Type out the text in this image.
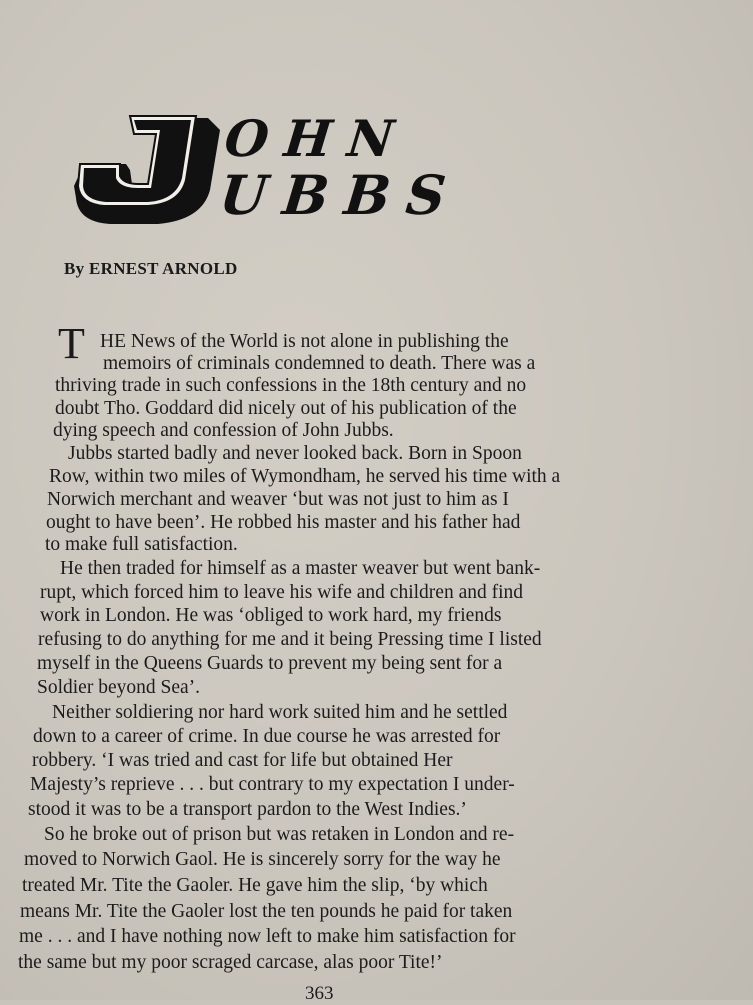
OHN
UBBS
By ERNEST ARNOLD
T HE News of the World is not alone in publishing the
memoirs of criminals condemned to death. There was a
thriving trade in such confessions in the 18th century and no
doubt Tho. Goddard did nicely out of his publication of the
dying speech and confession of John Jubbs.
Jubbs started badly and never looked back. Born in Spoon
Row, within two miles of Wymondham, he served his time with a
Norwich merchant and weaver ‘but was not just to him as I
ought to have been’. He robbed his master and his father had
to make full satisfaction.
He then traded for himself as a master weaver but went bank-
rupt, which forced him to leave his wife and children and find
work in London. He was ‘obliged to work hard, my friends
refusing to do anything for me and it being Pressing time I listed
myself in the Queens Guards to prevent my being sent for a
Soldier beyond Sea’.
Neither soldiering nor hard work suited him and he settled
down to a career of crime. In due course he was arrested for
robbery. ‘I was tried and cast for life but obtained Her
Majesty’s reprieve . . . but contrary to my expectation I under-
stood it was to be a transport pardon to the West Indies.’
So he broke out of prison but was retaken in London and re-
moved to Norwich Gaol. He is sincerely sorry for the way he
treated Mr. Tite the Gaoler. He gave him the slip, ‘by which
means Mr. Tite the Gaoler lost the ten pounds he paid for taken
me . . . and I have nothing now left to make him satisfaction for
the same but my poor scraged carcase, alas poor Tite!’
363
